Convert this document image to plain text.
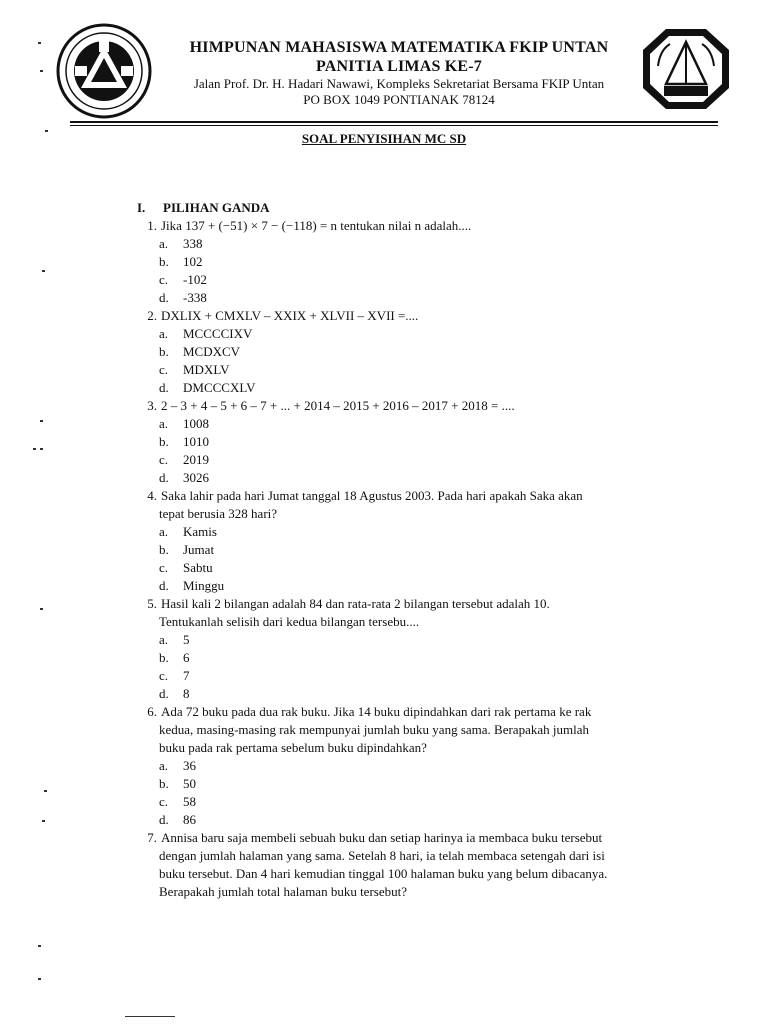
HIMPUNAN MAHASISWA MATEMATIKA FKIP UNTAN
PANITIA LIMAS KE-7
Jalan Prof. Dr. H. Hadari Nawawi, Kompleks Sekretariat Bersama FKIP Untan
PO BOX 1049 PONTIANAK 78124
SOAL PENYISIHAN MC SD
I.	PILIHAN GANDA
1. Jika 137 + (−51) × 7 − (−118) = n tentukan nilai n adalah....
a.	338
b.	102
c.	-102
d.	-338
2. DXLIX + CMXLV – XXIX + XLVII – XVII =....
a.	MCCCCIXV
b.	MCDXCV
c.	MDXLV
d.	DMCCCXLV
3. 2 – 3 + 4 – 5 + 6 – 7 + ... + 2014 – 2015 + 2016 – 2017 + 2018 = ....
a.	1008
b.	1010
c.	2019
d.	3026
4. Saka lahir pada hari Jumat tanggal 18 Agustus 2003. Pada hari apakah Saka akan
tepat berusia 328 hari?
a.	Kamis
b.	Jumat
c.	Sabtu
d.	Minggu
5. Hasil kali 2 bilangan adalah 84 dan rata-rata 2 bilangan tersebut adalah 10.
Tentukanlah selisih dari kedua bilangan tersebu....
a.	5
b.	6
c.	7
d.	8
6. Ada 72 buku pada dua rak buku. Jika 14 buku dipindahkan dari rak pertama ke rak
kedua, masing-masing rak mempunyai jumlah buku yang sama. Berapakah jumlah
buku pada rak pertama sebelum buku dipindahkan?
a.	36
b.	50
c.	58
d.	86
7. Annisa baru saja membeli sebuah buku dan setiap harinya ia membaca buku tersebut
dengan jumlah halaman yang sama. Setelah 8 hari, ia telah membaca setengah dari isi
buku tersebut. Dan 4 hari kemudian tinggal 100 halaman buku yang belum dibacanya.
Berapakah jumlah total halaman buku tersebut?
